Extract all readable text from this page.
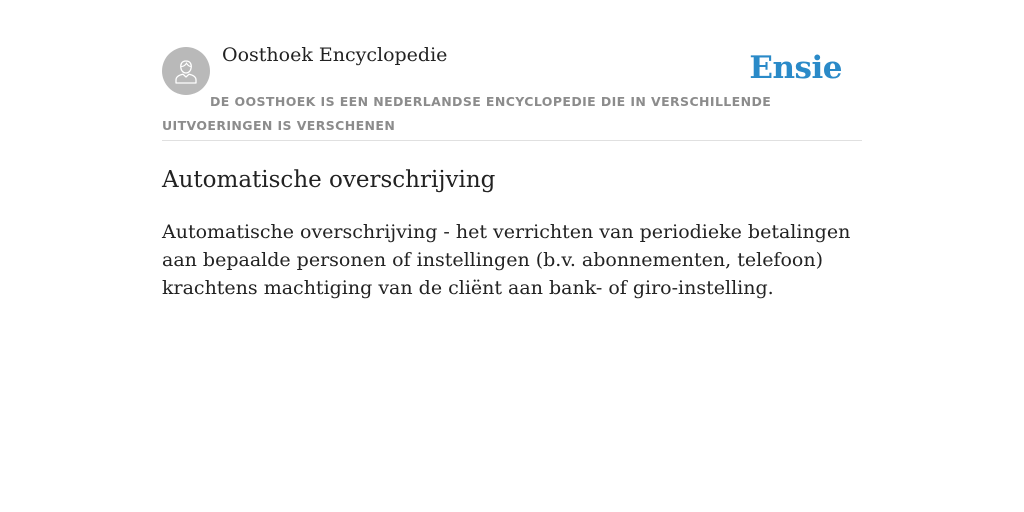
Oosthoek Encyclopedie	Ensie
DE OOSTHOEK IS EEN NEDERLANDSE ENCYCLOPEDIE DIE IN VERSCHILLENDE UITVOERINGEN IS VERSCHENEN
Automatische overschrijving

Automatische overschrijving - het verrichten van periodieke betalingen aan bepaalde personen of instellingen (b.v. abonnementen, telefoon) krachtens machtiging van de cliënt aan bank- of giro-instelling.
